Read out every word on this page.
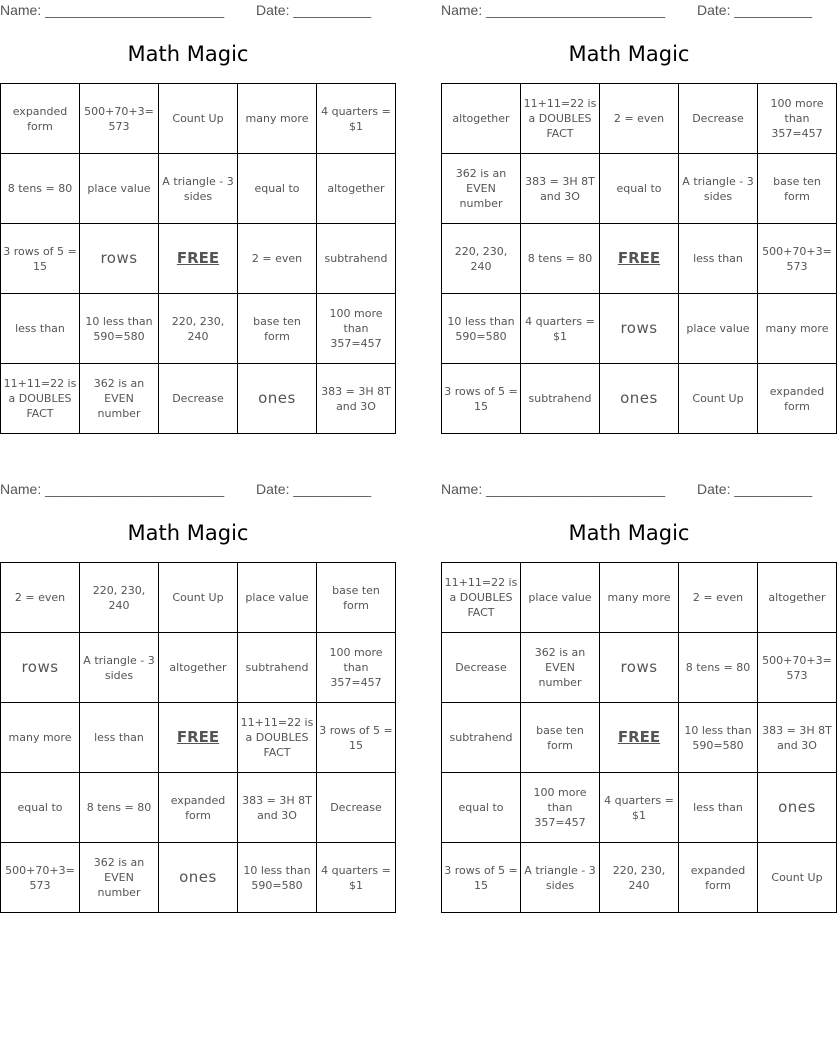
Name: _______________________ Date: __________
Math Magic
expanded form	500+70+3= 573	Count Up	many more	4 quarters = $1
8 tens = 80	place value	A triangle - 3 sides	equal to	altogether
3 rows of 5 = 15	rows	FREE	2 = even	subtrahend
less than	10 less than 590=580	220, 230, 240	base ten form	100 more than 357=457
11+11=22 is a DOUBLES FACT	362 is an EVEN number	Decrease	ones	383 = 3H 8T and 3O
Name: _______________________ Date: __________
Math Magic
altogether	11+11=22 is a DOUBLES FACT	2 = even	Decrease	100 more than 357=457
362 is an EVEN number	383 = 3H 8T and 3O	equal to	A triangle - 3 sides	base ten form
220, 230, 240	8 tens = 80	FREE	less than	500+70+3= 573
10 less than 590=580	4 quarters = $1	rows	place value	many more
3 rows of 5 = 15	subtrahend	ones	Count Up	expanded form
Name: _______________________ Date: __________
Math Magic
2 = even	220, 230, 240	Count Up	place value	base ten form
rows	A triangle - 3 sides	altogether	subtrahend	100 more than 357=457
many more	less than	FREE	11+11=22 is a DOUBLES FACT	3 rows of 5 = 15
equal to	8 tens = 80	expanded form	383 = 3H 8T and 3O	Decrease
500+70+3= 573	362 is an EVEN number	ones	10 less than 590=580	4 quarters = $1
Name: _______________________ Date: __________
Math Magic
11+11=22 is a DOUBLES FACT	place value	many more	2 = even	altogether
Decrease	362 is an EVEN number	rows	8 tens = 80	500+70+3= 573
subtrahend	base ten form	FREE	10 less than 590=580	383 = 3H 8T and 3O
equal to	100 more than 357=457	4 quarters = $1	less than	ones
3 rows of 5 = 15	A triangle - 3 sides	220, 230, 240	expanded form	Count Up
